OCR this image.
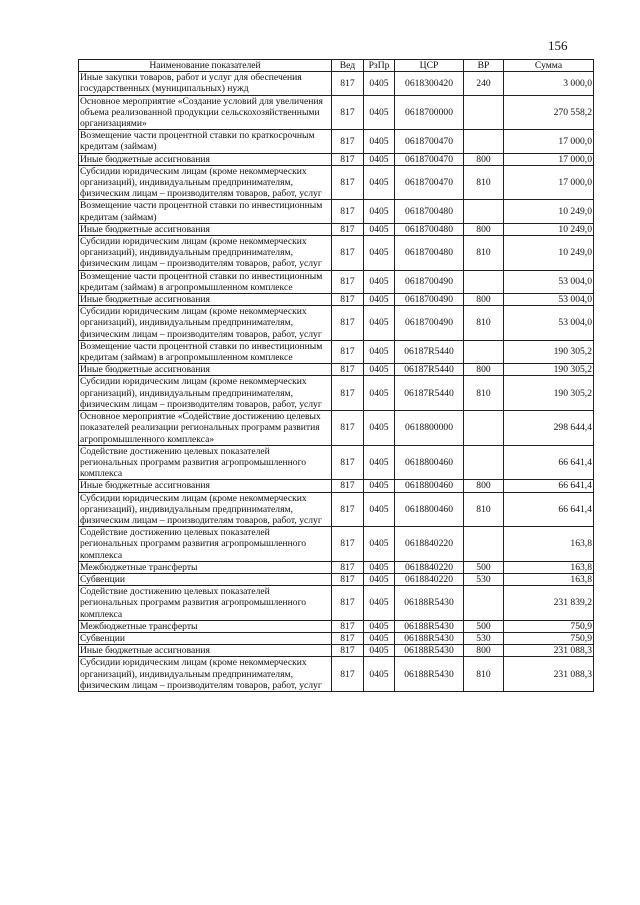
156
Наименование показателей	Вед	РзПр	ЦСР	ВР	Сумма
Иные закупки товаров, работ и услуг для обеспечения государственных (муниципальных) нужд	817	0405	0618300420	240	3 000,0
Основное мероприятие «Создание условий для увеличения объема реализованной продукции сельскохозяйственными организациями»	817	0405	0618700000		270 558,2
Возмещение части процентной ставки по краткосрочным кредитам (займам)	817	0405	0618700470		17 000,0
Иные бюджетные ассигнования	817	0405	0618700470	800	17 000,0
Субсидии юридическим лицам (кроме некоммерческих организаций), индивидуальным предпринимателям, физическим лицам – производителям товаров, работ, услуг	817	0405	0618700470	810	17 000,0
Возмещение части процентной ставки по инвестиционным кредитам (займам)	817	0405	0618700480		10 249,0
Иные бюджетные ассигнования	817	0405	0618700480	800	10 249,0
Субсидии юридическим лицам (кроме некоммерческих организаций), индивидуальным предпринимателям, физическим лицам – производителям товаров, работ, услуг	817	0405	0618700480	810	10 249,0
Возмещение части процентной ставки по инвестиционным кредитам (займам) в агропромышленном комплексе	817	0405	0618700490		53 004,0
Иные бюджетные ассигнования	817	0405	0618700490	800	53 004,0
Субсидии юридическим лицам (кроме некоммерческих организаций), индивидуальным предпринимателям, физическим лицам – производителям товаров, работ, услуг	817	0405	0618700490	810	53 004,0
Возмещение части процентной ставки по инвестиционным кредитам (займам) в агропромышленном комплексе	817	0405	06187R5440		190 305,2
Иные бюджетные ассигнования	817	0405	06187R5440	800	190 305,2
Субсидии юридическим лицам (кроме некоммерческих организаций), индивидуальным предпринимателям, физическим лицам – производителям товаров, работ, услуг	817	0405	06187R5440	810	190 305,2
Основное мероприятие «Содействие достижению целевых показателей реализации региональных программ развития агропромышленного комплекса»	817	0405	0618800000		298 644,4
Содействие достижению целевых показателей региональных программ развития агропромышленного комплекса	817	0405	0618800460		66 641,4
Иные бюджетные ассигнования	817	0405	0618800460	800	66 641,4
Субсидии юридическим лицам (кроме некоммерческих организаций), индивидуальным предпринимателям, физическим лицам – производителям товаров, работ, услуг	817	0405	0618800460	810	66 641,4
Содействие достижению целевых показателей региональных программ развития агропромышленного комплекса	817	0405	0618840220		163,8
Межбюджетные трансферты	817	0405	0618840220	500	163,8
Субвенции	817	0405	0618840220	530	163,8
Содействие достижению целевых показателей региональных программ развития агропромышленного комплекса	817	0405	06188R5430		231 839,2
Межбюджетные трансферты	817	0405	06188R5430	500	750,9
Субвенции	817	0405	06188R5430	530	750,9
Иные бюджетные ассигнования	817	0405	06188R5430	800	231 088,3
Субсидии юридическим лицам (кроме некоммерческих организаций), индивидуальным предпринимателям, физическим лицам – производителям товаров, работ, услуг	817	0405	06188R5430	810	231 088,3
